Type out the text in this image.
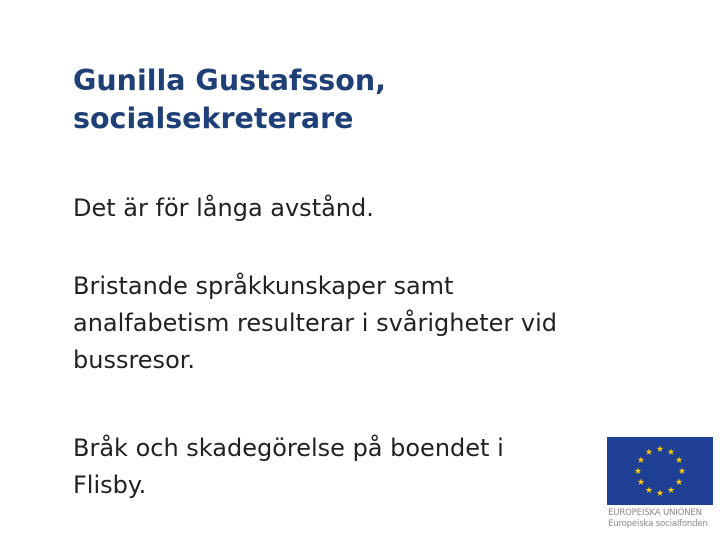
Gunilla Gustafsson,
socialsekreterare

Det är för långa avstånd.

Bristande språkkunskaper samt
analfabetism resulterar i svårigheter vid
bussresor.

Bråk och skadegörelse på boendet i
Flisby.

EUROPEISKA UNIONEN
Europeiska socialfonden
